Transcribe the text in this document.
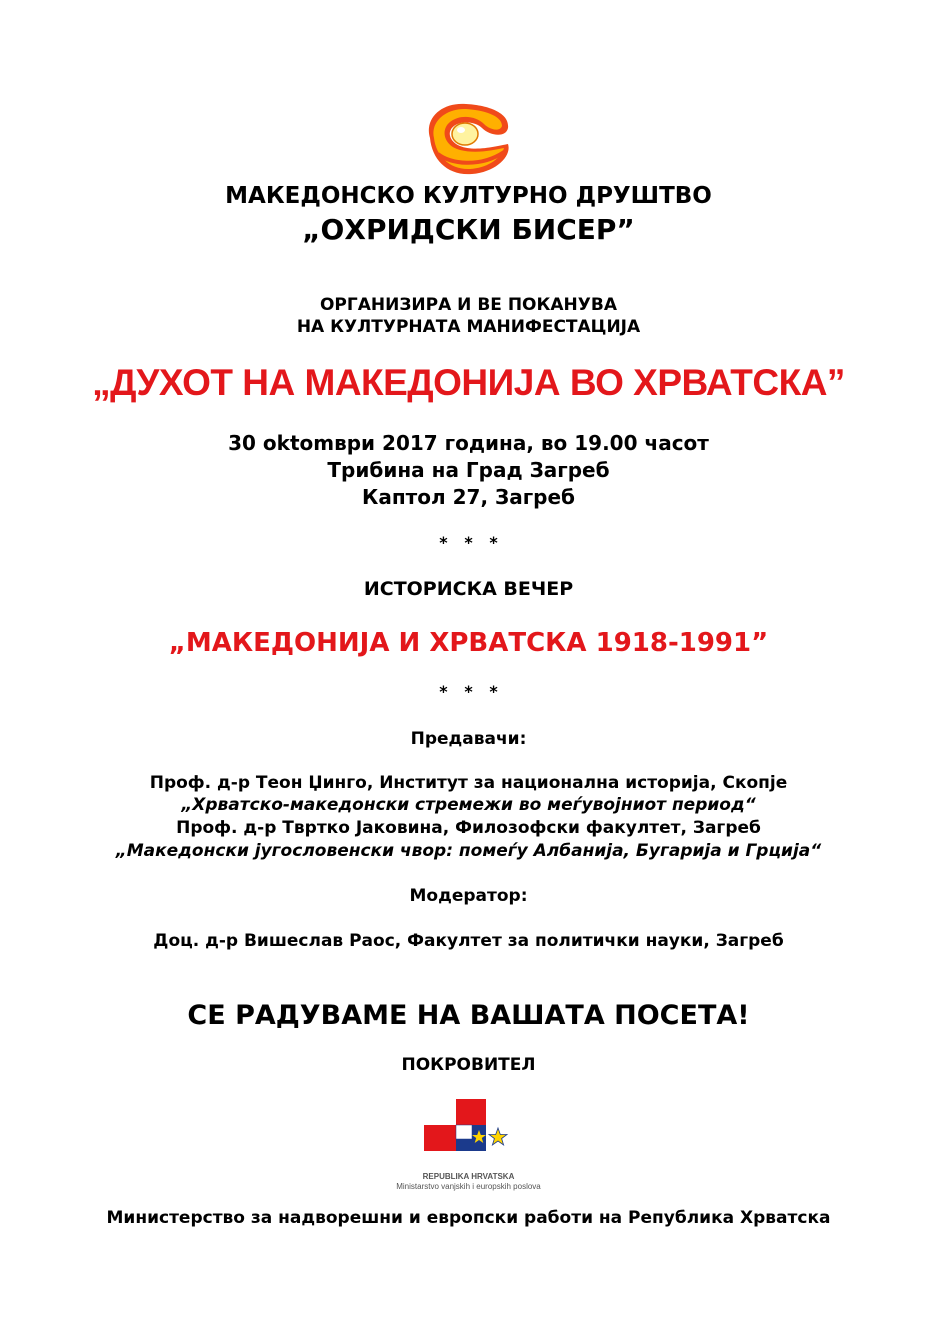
МАКЕДОНСКО КУЛТУРНО ДРУШТВО
„ОХРИДСКИ БИСЕР”
ОРГАНИЗИРА И ВЕ ПОКАНУВА
НА КУЛТУРНАТА МАНИФЕСТАЦИЈА
„ДУХОТ НА МАКЕДОНИЈА ВО ХРВАТСКА”
30 oktomври 2017 година, во 19.00 часот
Трибина на Град Загреб
Каптол 27, Загреб
*   *   *
ИСТОРИСКА ВЕЧЕР
„МАКЕДОНИЈА И ХРВАТСКА 1918-1991”
*   *   *
Предавачи:
Проф. д-р Теон Џинго, Институт за национална историја, Скопје
„Хрватско-македонски стремежи во меѓувојниот период“
Проф. д-р Твртко Јаковина, Филозофски факултет, Загреб
„Македонски југословенски чвор: помеѓу Албанија, Бугарија и Грција“
Модератор:
Доц. д-р Вишеслав Раос, Факултет за политички науки, Загреб
СЕ РАДУВАМЕ НА ВАШАТА ПОСЕТА!
ПОКРОВИТЕЛ
REPUBLIKA HRVATSKA
Ministarstvo vanjskih i europskih poslova
Министерство за надворешни и европски работи на Република Хрватска
